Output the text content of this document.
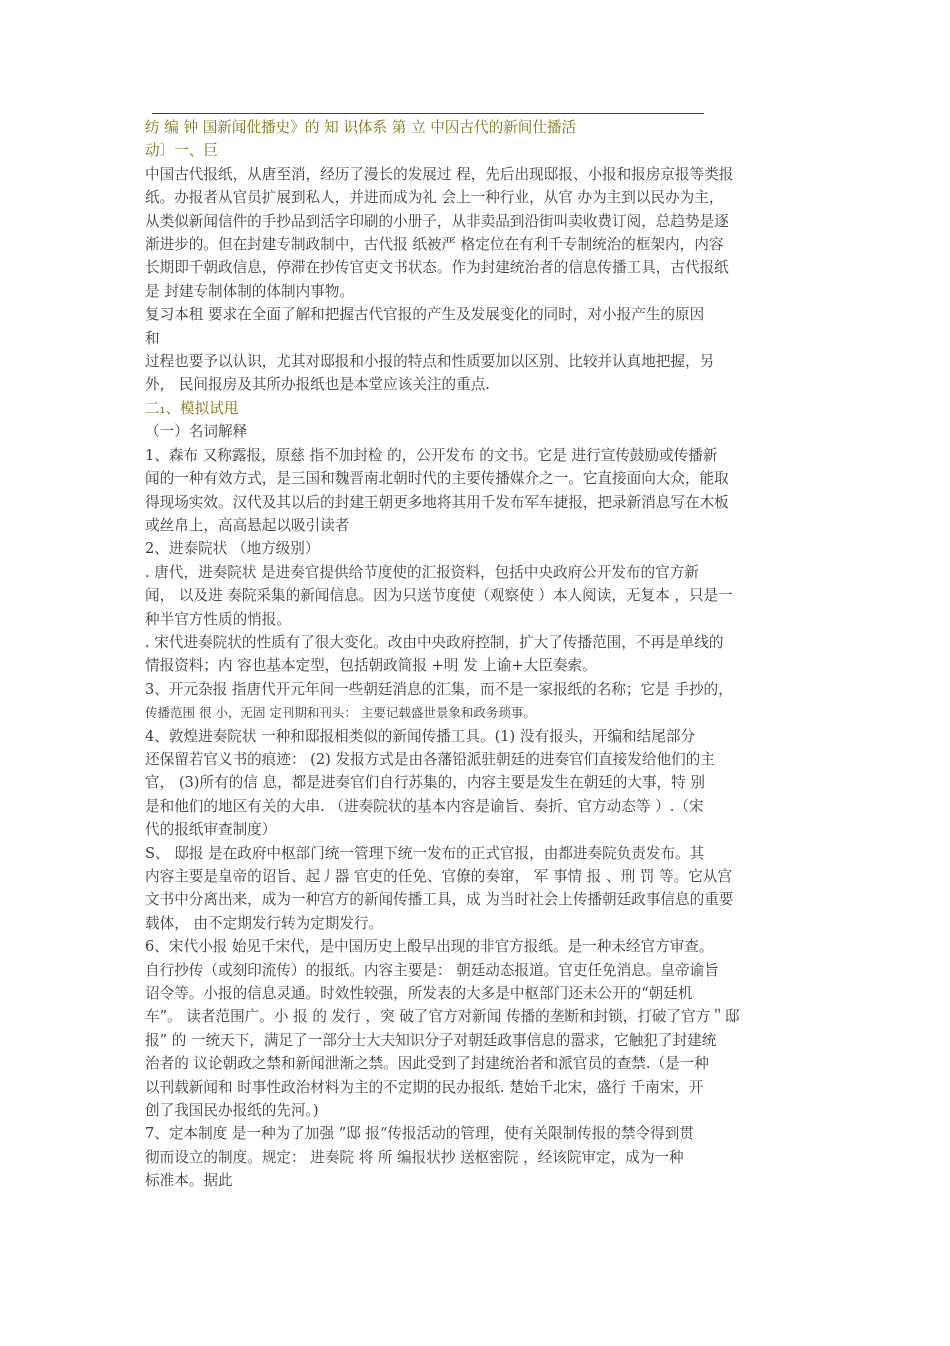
纺 编 钟 国新闻仳播史》的 知 识体系 第 立 中囚古代的新间仕播活

动〕一、巨

中国古代报纸，从唐至消，经历了漫长的发展过 程，先后出现邸报、小报和报房京报等类报

纸。办报者从官员扩展到私人，并进而成为礼 会上一种行业，从官 办为主到以民办为主，

从类似新闻信件的手抄品到活字印刷的小册子，从非卖品到沿街叫卖收费订阅，总趋势是逐

渐进步的。但在封建专制政制中，古代报 纸被严 格定位在有利千专制统治的框架内，内容

长期即千朝政信息，停滞在抄传官吏文书状态。作为封建统治者的信息传播工具，古代报纸

是 封建专制体制的体制内事物。

复习本租 要求在全面了解和把握古代官报的产生及发展变化的同时，对小报产生的原因

和

过程也要予以认识，尤其对邸报和小报的特点和性质要加以区别、比较并认真地把握，另

外， 民间报房及其所办报纸也是本堂应该关注的重点.

二₁、模拟试甩

（一）名词解释

1、森布 又称露报，原慈 指不加封检 的，公开发布 的文书。它是 进行宣传鼓励或传播新

闻的一种有效方式，是三国和魏晋南北朝时代的主要传播媒介之一。它直接面向大众，能取

得现场实效。汉代及其以后的封建王朝更多地将其用千发布军车捷报，把录新消息写在木板

或丝帛上，高高悬起以吸引读者

2、进泰院状 （地方级别）

. 唐代，进奏院状 是进奏官提供给节度使的汇报资料，包括中央政府公开发布的官方新

闻， 以及进 奏院采集的新闻信息。因为只送节度使（观察使 ）本人阅读，无复本 ，只是一

种半官方性质的悄报。

. 宋代进奏院状的性质有了很大变化。改由中央政府控制，扩大了传播范围，不再是单线的

情报资料；内 容也基本定型，包括朝政简报 +明 发 上谕+大臣奏索。

3、开元杂报 指唐代开元年间一些朝廷消息的汇集，而不是一家报纸的名称；它是 手抄的，

传播范围 很 小，无固 定刊期和刊头： 主要记载盛世景象和政务琐事。

4、敦煌进奏院状 一种和邸报相类似的新闻传播工具。(1) 没有报头，开编和结尾部分

还保留若官义书的痕迹： (2) 发报方式是由各藩铅派驻朝廷的进奏官们直接发给他们的主

官， (3)所有的信 息，都是进奏官们自行苏集的，内容主要是发生在朝廷的大事，特 别

是和他们的地区有关的大串. （进奏院状的基本内容是谕旨、奏折、官方动态等 ）.（宋

代的报纸审查制度）

S、 邸报 是在政府中枢部门统一管理下统一发布的正式官报，由都进奏院负责发布。其

内容主要是皇帝的诏旨、起丿器 官吏的任免、官僚的奏窜， 军 事情 报 、刑 罚 等。它从宫

文书中分离出来，成为一种宫方的新闻传播工具，成 为当时社会上传播朝廷政事信息的重要

载体， 由不定期发行转为定期发行。

6、宋代小报 始见千宋代，是中国历史上酘早出现的非官方报纸。是一种未经官方审查。

自行抄传（或刻印流传）的报纸。内容主要是： 朝廷动态报道。官吏任免消息。皇帝谕旨

诏令等。小报的信息灵通。时效性较强，所发表的大多是中枢部门还未公开的“朝廷机

车”。 读者范围广。小 报 的 发行 ，突 破了官方对新闻 传播的垄断和封锁，打破了官方＂邸

报” 的 一统天下，满足了一部分士大夫知识分子对朝廷政事信息的嚣求，它触犯了封建统

治者的 议论朝政之禁和新闻泄渐之禁。因此受到了封建统治者和派官员的查禁.（是一种

以刊载新闻和 时事性政治材料为主的不定期的民办报纸. 楚始千北宋，盛行 千南宋，开

创了我国民办报纸的先河。)

7、定本制度 是一种为了加强 ”邸 报“传报活动的管理，使有关限制传报的禁令得到贯

彻而设立的制度。规定： 进奏院 将 所 编报状抄 送枢密院 ，经该院审定，成为一种

标准本。据此
